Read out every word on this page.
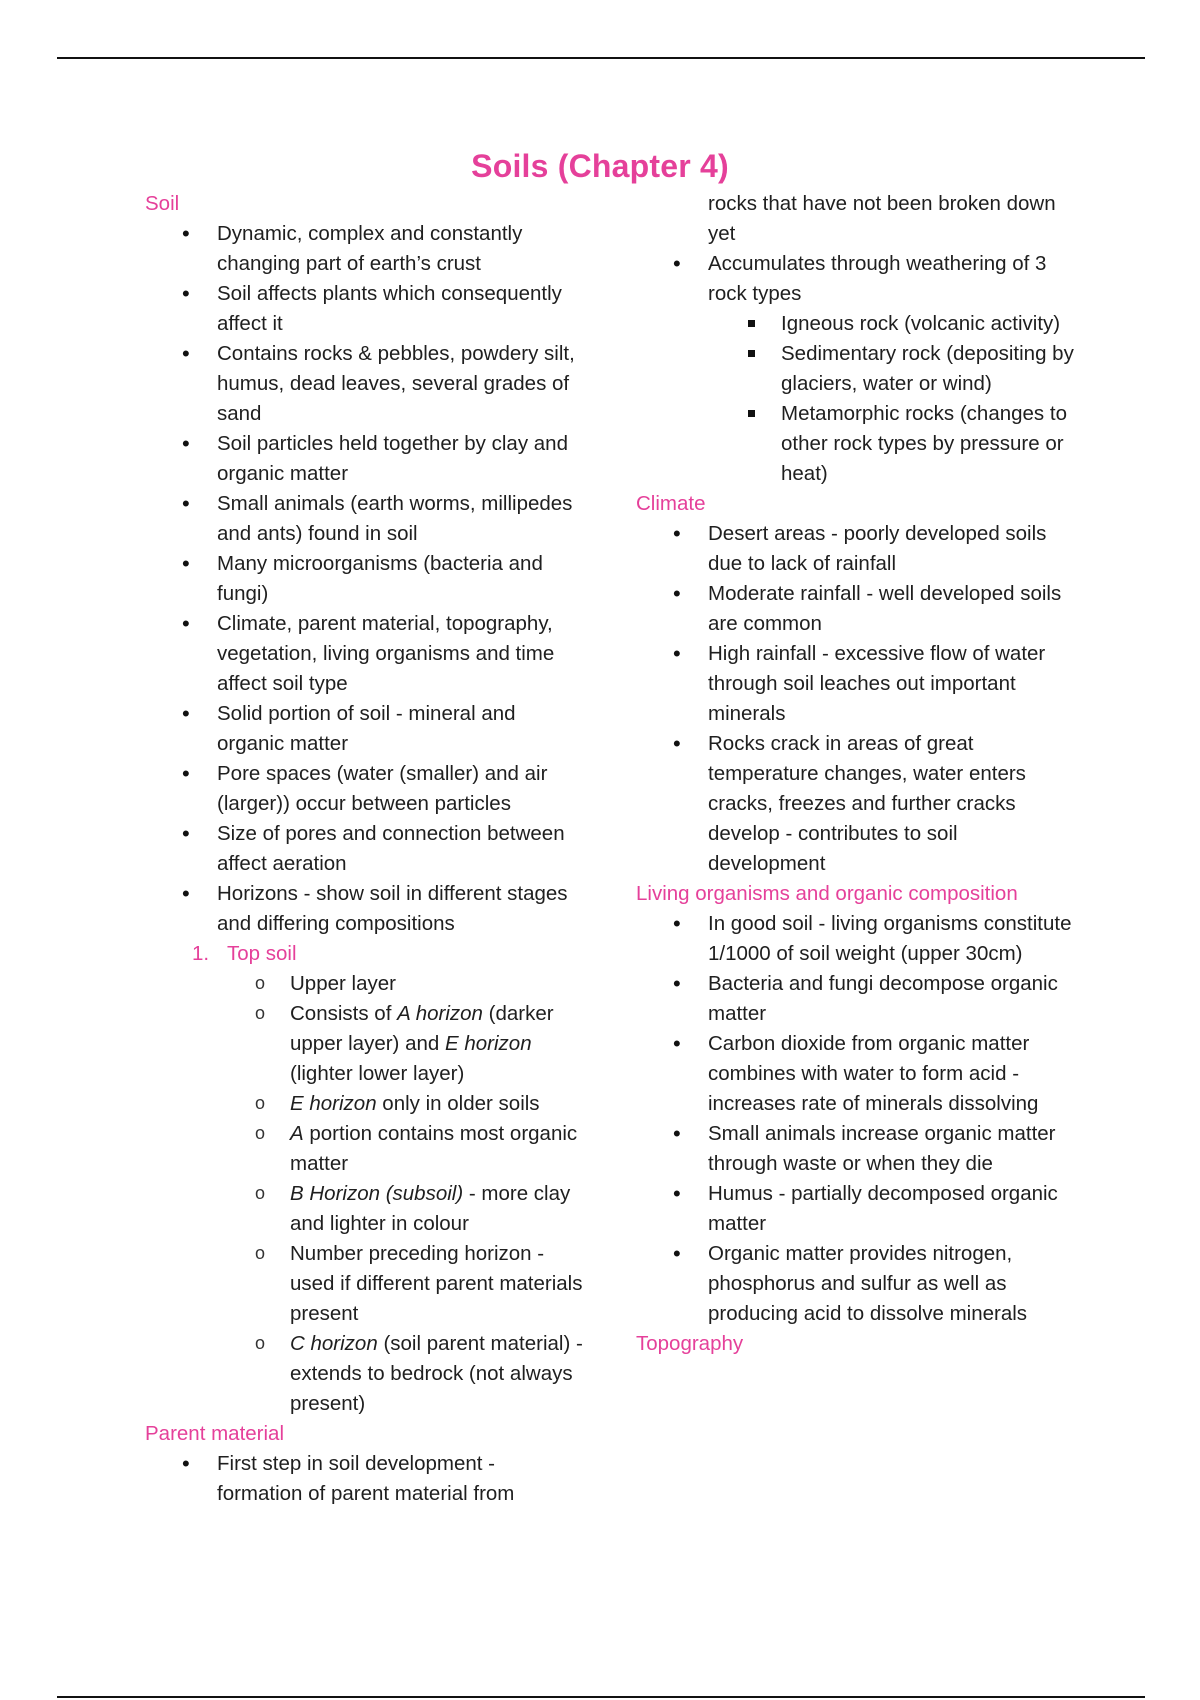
Soils (Chapter 4)
Soil
• Dynamic, complex and constantly changing part of earth’s crust
• Soil affects plants which consequently affect it
• Contains rocks & pebbles, powdery silt, humus, dead leaves, several grades of sand
• Soil particles held together by clay and organic matter
• Small animals (earth worms, millipedes and ants) found in soil
• Many microorganisms (bacteria and fungi)
• Climate, parent material, topography, vegetation, living organisms and time affect soil type
• Solid portion of soil - mineral and organic matter
• Pore spaces (water (smaller) and air (larger)) occur between particles
• Size of pores and connection between affect aeration
• Horizons - show soil in different stages and differing compositions
1. Top soil
o Upper layer
o Consists of A horizon (darker upper layer) and E horizon (lighter lower layer)
o E horizon only in older soils
o A portion contains most organic matter
o B Horizon (subsoil) - more clay and lighter in colour
o Number preceding horizon - used if different parent materials present
o C horizon (soil parent material) - extends to bedrock (not always present)
Parent material
• First step in soil development - formation of parent material from
rocks that have not been broken down yet
• Accumulates through weathering of 3 rock types
Igneous rock (volcanic activity)
Sedimentary rock (depositing by glaciers, water or wind)
Metamorphic rocks (changes to other rock types by pressure or heat)
Climate
• Desert areas - poorly developed soils due to lack of rainfall
• Moderate rainfall - well developed soils are common
• High rainfall - excessive flow of water through soil leaches out important minerals
• Rocks crack in areas of great temperature changes, water enters cracks, freezes and further cracks develop - contributes to soil development
Living organisms and organic composition
• In good soil - living organisms constitute 1/1000 of soil weight (upper 30cm)
• Bacteria and fungi decompose organic matter
• Carbon dioxide from organic matter combines with water to form acid - increases rate of minerals dissolving
• Small animals increase organic matter through waste or when they die
• Humus - partially decomposed organic matter
• Organic matter provides nitrogen, phosphorus and sulfur as well as producing acid to dissolve minerals
Topography
